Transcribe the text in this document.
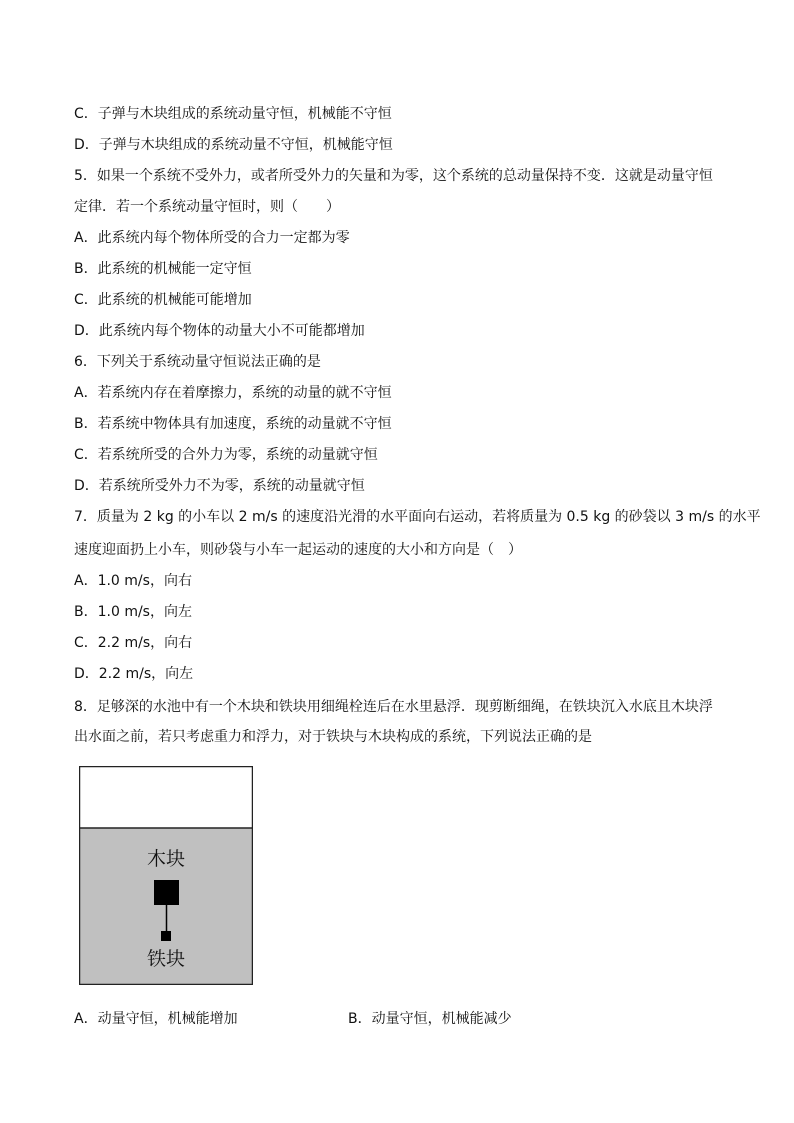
C．子弹与木块组成的系统动量守恒，机械能不守恒
D．子弹与木块组成的系统动量不守恒，机械能守恒
5．如果一个系统不受外力，或者所受外力的矢量和为零，这个系统的总动量保持不变．这就是动量守恒
定律．若一个系统动量守恒时，则（　　）
A．此系统内每个物体所受的合力一定都为零
B．此系统的机械能一定守恒
C．此系统的机械能可能增加
D．此系统内每个物体的动量大小不可能都增加
6．下列关于系统动量守恒说法正确的是
A．若系统内存在着摩擦力，系统的动量的就不守恒
B．若系统中物体具有加速度，系统的动量就不守恒
C．若系统所受的合外力为零，系统的动量就守恒
D．若系统所受外力不为零，系统的动量就守恒
7．质量为 2 kg 的小车以 2 m/s 的速度沿光滑的水平面向右运动，若将质量为 0.5 kg 的砂袋以 3 m/s 的水平
速度迎面扔上小车，则砂袋与小车一起运动的速度的大小和方向是（　）
A．1.0 m/s，向右
B．1.0 m/s，向左
C．2.2 m/s，向右
D．2.2 m/s，向左
8．足够深的水池中有一个木块和铁块用细绳栓连后在水里悬浮．现剪断细绳，在铁块沉入水底且木块浮
出水面之前，若只考虑重力和浮力，对于铁块与木块构成的系统，下列说法正确的是
木块
铁块
A．动量守恒，机械能增加	B．动量守恒，机械能减少
